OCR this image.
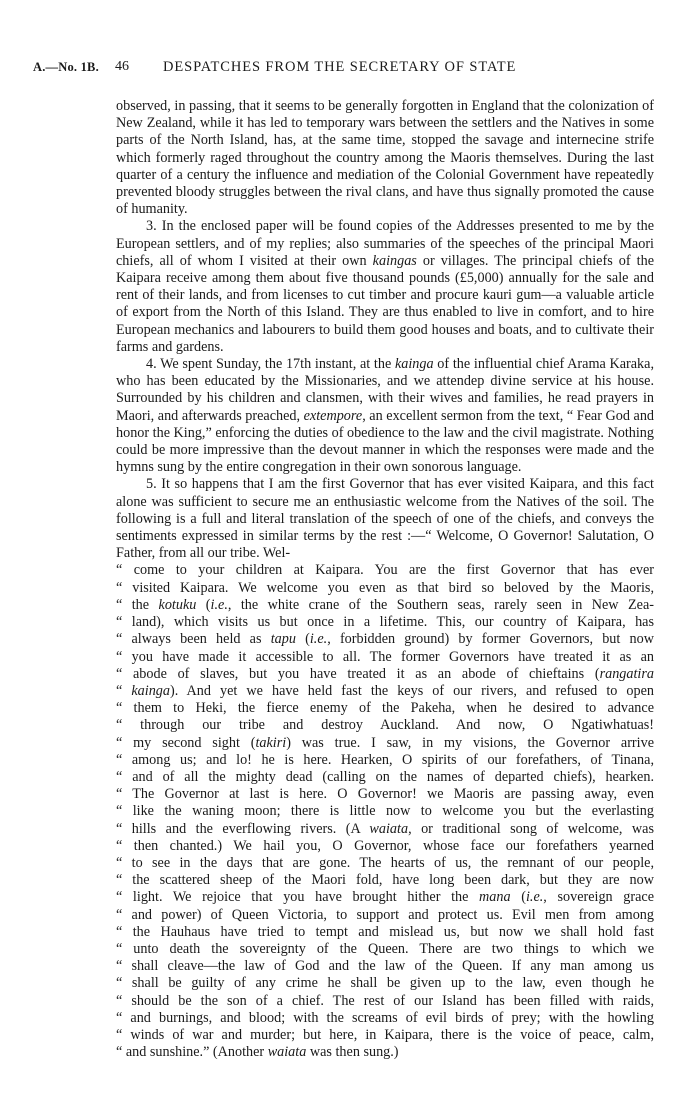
A.—No. 1B. 46 DESPATCHES FROM THE SECRETARY OF STATE

observed, in passing, that it seems to be generally forgotten in England that the colonization of New Zealand, while it has led to temporary wars between the settlers and the Natives in some parts of the North Island, has, at the same time, stopped the savage and internecine strife which formerly raged throughout the country among the Maoris themselves. During the last quarter of a century the influence and mediation of the Colonial Government have repeatedly prevented bloody struggles between the rival clans, and have thus signally promoted the cause of humanity.

3. In the enclosed paper will be found copies of the Addresses presented to me by the European settlers, and of my replies; also summaries of the speeches of the principal Maori chiefs, all of whom I visited at their own kaingas or villages. The principal chiefs of the Kaipara receive among them about five thousand pounds (£5,000) annually for the sale and rent of their lands, and from licenses to cut timber and procure kauri gum—a valuable article of export from the North of this Island. They are thus enabled to live in comfort, and to hire European mechanics and labourers to build them good houses and boats, and to cultivate their farms and gardens.

4. We spent Sunday, the 17th instant, at the kainga of the influential chief Arama Karaka, who has been educated by the Missionaries, and we attendep divine service at his house. Surrounded by his children and clansmen, with their wives and families, he read prayers in Maori, and afterwards preached, extempore, an excellent sermon from the text, “ Fear God and honor the King,” enforcing the duties of obedience to the law and the civil magistrate. Nothing could be more impressive than the devout manner in which the responses were made and the hymns sung by the entire congregation in their own sonorous language.

5. It so happens that I am the first Governor that has ever visited Kaipara, and this fact alone was sufficient to secure me an enthusiastic welcome from the Natives of the soil. The following is a full and literal translation of the speech of one of the chiefs, and conveys the sentiments expressed in similar terms by the rest :—“ Welcome, O Governor! Salutation, O Father, from all our tribe. Wel-

“ come to your children at Kaipara. You are the first Governor that has ever
“ visited Kaipara. We welcome you even as that bird so beloved by the Maoris,
“ the kotuku (i.e., the white crane of the Southern seas, rarely seen in New Zea-
“ land), which visits us but once in a lifetime. This, our country of Kaipara, has
“ always been held as tapu (i.e., forbidden ground) by former Governors, but now
“ you have made it accessible to all. The former Governors have treated it as an
“ abode of slaves, but you have treated it as an abode of chieftains (rangatira
“ kainga). And yet we have held fast the keys of our rivers, and refused to open
“ them to Heki, the fierce enemy of the Pakeha, when he desired to advance
“ through our tribe and destroy Auckland. And now, O Ngatiwhatuas!
“ my second sight (takiri) was true. I saw, in my visions, the Governor arrive
“ among us; and lo! he is here. Hearken, O spirits of our forefathers, of Tinana,
“ and of all the mighty dead (calling on the names of departed chiefs), hearken.
“ The Governor at last is here. O Governor! we Maoris are passing away, even
“ like the waning moon; there is little now to welcome you but the everlasting
“ hills and the everflowing rivers. (A waiata, or traditional song of welcome, was
“ then chanted.) We hail you, O Governor, whose face our forefathers yearned
“ to see in the days that are gone. The hearts of us, the remnant of our people,
“ the scattered sheep of the Maori fold, have long been dark, but they are now
“ light. We rejoice that you have brought hither the mana (i.e., sovereign grace
“ and power) of Queen Victoria, to support and protect us. Evil men from among
“ the Hauhaus have tried to tempt and mislead us, but now we shall hold fast
“ unto death the sovereignty of the Queen. There are two things to which we
“ shall cleave—the law of God and the law of the Queen. If any man among us
“ shall be guilty of any crime he shall be given up to the law, even though he
“ should be the son of a chief. The rest of our Island has been filled with raids,
“ and burnings, and blood; with the screams of evil birds of prey; with the howling
“ winds of war and murder; but here, in Kaipara, there is the voice of peace, calm,
“ and sunshine.” (Another waiata was then sung.)
